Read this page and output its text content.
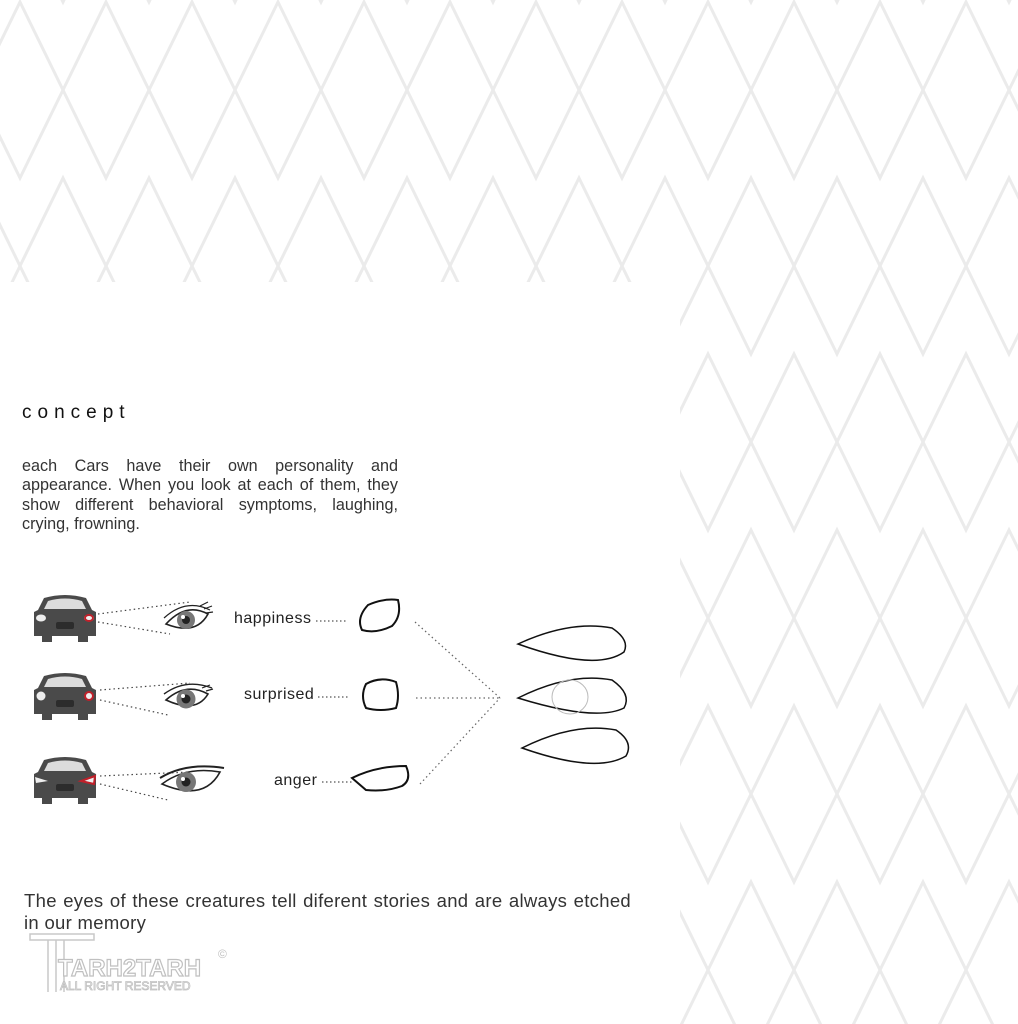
concept

each Cars have their own personality and appearance. When you look at each of them, they show different behavioral symptoms, laughing, crying, frowning.

happiness
surprised
anger

The eyes of these creatures tell diferent stories and are always etched in our memory

TARH2TARH
ALL RIGHT RESERVED
©
